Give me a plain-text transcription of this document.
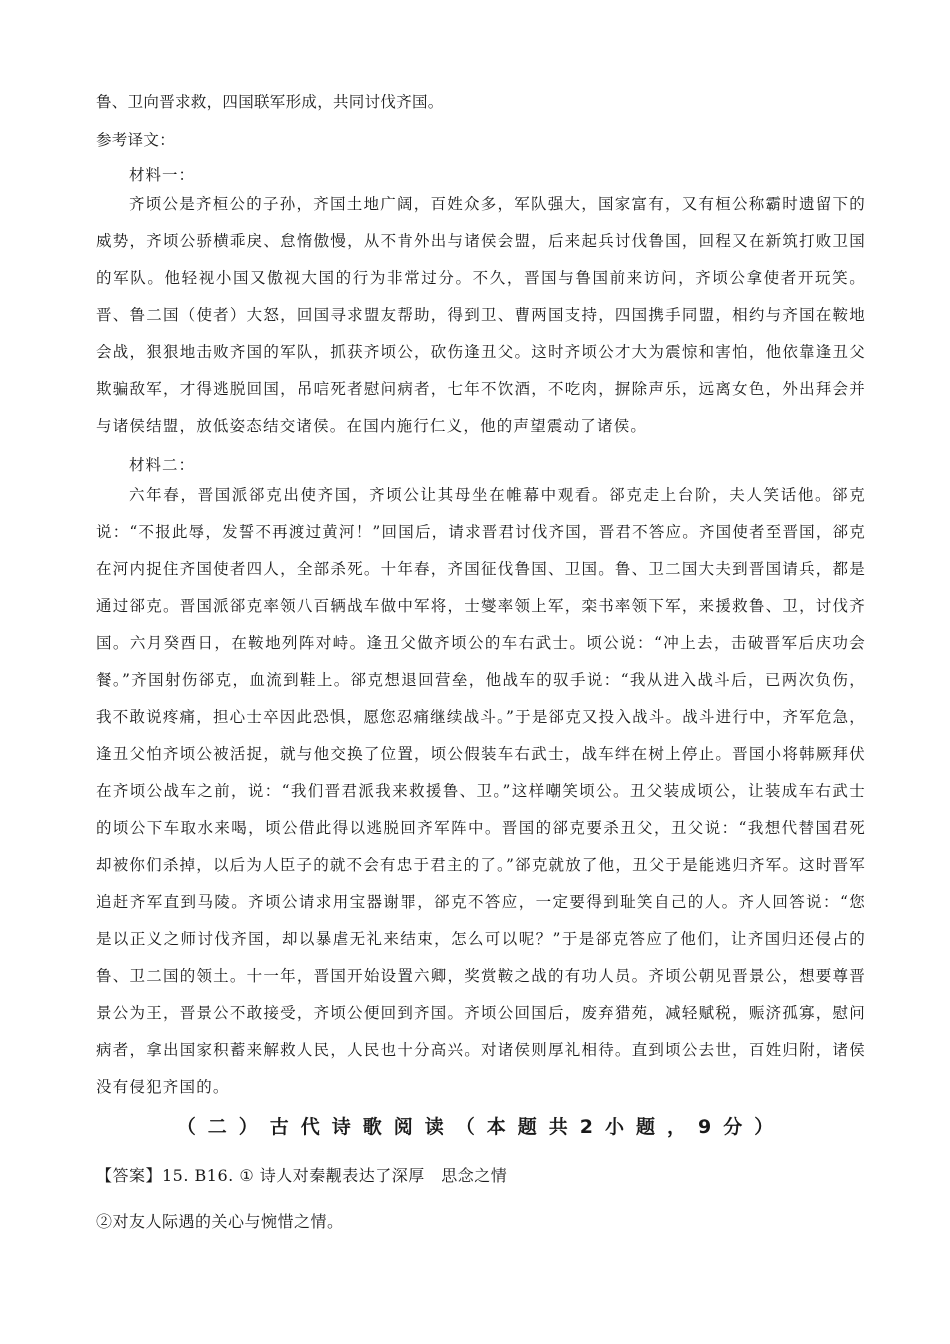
鲁、卫向晋求救，四国联军形成，共同讨伐齐国。
参考译文：
材料一：

齐顷公是齐桓公的子孙，齐国土地广阔，百姓众多，军队强大，国家富有，又有桓公称霸时遗留下的威势，齐顷公骄横乖戾、怠惰傲慢，从不肯外出与诸侯会盟，后来起兵讨伐鲁国，回程又在新筑打败卫国的军队。他轻视小国又傲视大国的行为非常过分。不久，晋国与鲁国前来访问，齐顷公拿使者开玩笑。晋、鲁二国（使者）大怒，回国寻求盟友帮助，得到卫、曹两国支持，四国携手同盟，相约与齐国在鞍地会战，狠狠地击败齐国的军队，抓获齐顷公，砍伤逢丑父。这时齐顷公才大为震惊和害怕，他依靠逢丑父欺骗敌军，才得逃脱回国，吊唁死者慰问病者，七年不饮酒，不吃肉，摒除声乐，远离女色，外出拜会并与诸侯结盟，放低姿态结交诸侯。在国内施行仁义，他的声望震动了诸侯。

材料二：

六年春，晋国派郤克出使齐国，齐顷公让其母坐在帷幕中观看。郤克走上台阶，夫人笑话他。郤克说：“不报此辱，发誓不再渡过黄河！”回国后，请求晋君讨伐齐国，晋君不答应。齐国使者至晋国，郤克在河内捉住齐国使者四人，全部杀死。十年春，齐国征伐鲁国、卫国。鲁、卫二国大夫到晋国请兵，都是通过郤克。晋国派郤克率领八百辆战车做中军将，士燮率领上军，栾书率领下军，来援救鲁、卫，讨伐齐国。六月癸酉日，在鞍地列阵对峙。逢丑父做齐顷公的车右武士。顷公说：“冲上去，击破晋军后庆功会餐。”齐国射伤郤克，血流到鞋上。郤克想退回营垒，他战车的驭手说：“我从进入战斗后，已两次负伤，我不敢说疼痛，担心士卒因此恐惧，愿您忍痛继续战斗。”于是郤克又投入战斗。战斗进行中，齐军危急，逢丑父怕齐顷公被活捉，就与他交换了位置，顷公假装车右武士，战车绊在树上停止。晋国小将韩厥拜伏在齐顷公战车之前，说：“我们晋君派我来救援鲁、卫。”这样嘲笑顷公。丑父装成顷公，让装成车右武士的顷公下车取水来喝，顷公借此得以逃脱回齐军阵中。晋国的郤克要杀丑父，丑父说：“我想代替国君死却被你们杀掉，以后为人臣子的就不会有忠于君主的了。”郤克就放了他，丑父于是能逃归齐军。这时晋军追赶齐军直到马陵。齐顷公请求用宝器谢罪，郤克不答应，一定要得到耻笑自己的人。齐人回答说：“您是以正义之师讨伐齐国，却以暴虐无礼来结束，怎么可以呢？”于是郤克答应了他们，让齐国归还侵占的鲁、卫二国的领土。十一年，晋国开始设置六卿，奖赏鞍之战的有功人员。齐顷公朝见晋景公，想要尊晋景公为王，晋景公不敢接受，齐顷公便回到齐国。齐顷公回国后，废弃猎苑，减轻赋税，赈济孤寡，慰问病者，拿出国家积蓄来解救人民，人民也十分高兴。对诸侯则厚礼相待。直到顷公去世，百姓归附，诸侯没有侵犯齐国的。

（二）古代诗歌阅读（本题共2小题，9分）
【答案】15. B16. ① 诗人对秦觏表达了深厚　思念之情
②对友人际遇的关心与惋惜之情。
